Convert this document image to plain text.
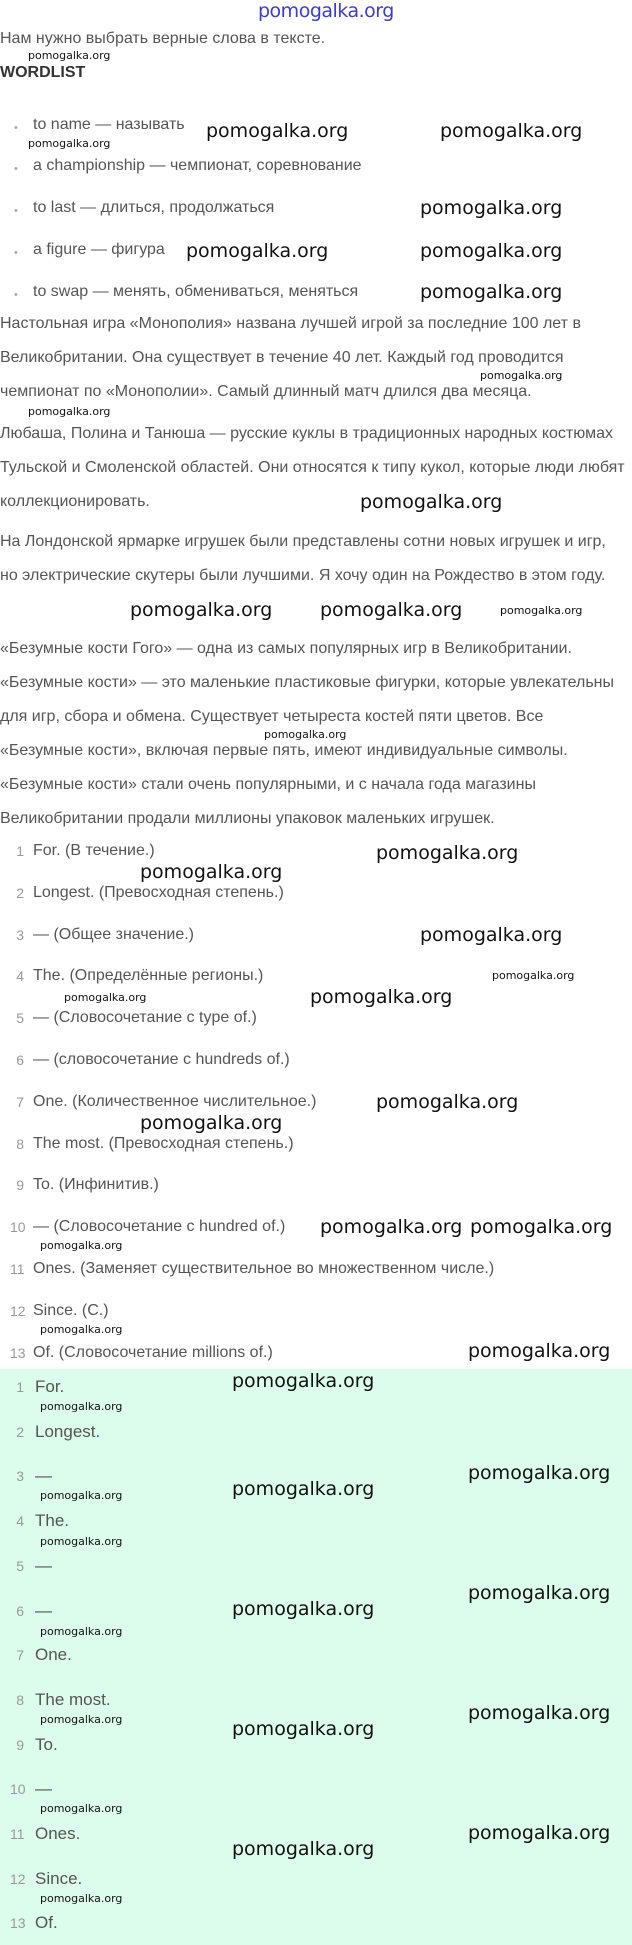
pomogalka.org
Нам нужно выбрать верные слова в тексте.
WORDLIST
• to name — называть
• a championship — чемпионат, соревнование
• to last — длиться, продолжаться
• a figure — фигура
• to swap — менять, обмениваться, меняться
Настольная игра «Монополия» названа лучшей игрой за последние 100 лет в Великобритании. Она существует в течение 40 лет. Каждый год проводится чемпионат по «Монополии». Самый длинный матч длился два месяца.
Любаша, Полина и Танюша — русские куклы в традиционных народных костюмах Тульской и Смоленской областей. Они относятся к типу кукол, которые люди любят коллекционировать.
На Лондонской ярмарке игрушек были представлены сотни новых игрушек и игр, но электрические скутеры были лучшими. Я хочу один на Рождество в этом году.
«Безумные кости Гого» — одна из самых популярных игр в Великобритании. «Безумные кости» — это маленькие пластиковые фигурки, которые увлекательны для игр, сбора и обмена. Существует четыреста костей пяти цветов. Все «Безумные кости», включая первые пять, имеют индивидуальные символы. «Безумные кости» стали очень популярными, и с начала года магазины Великобритании продали миллионы упаковок маленьких игрушек.
1 For. (В течение.)
2 Longest. (Превосходная степень.)
3 — (Общее значение.)
4 The. (Определённые регионы.)
5 — (Словосочетание с type of.)
6 — (словосочетание с hundreds of.)
7 One. (Количественное числительное.)
8 The most. (Превосходная степень.)
9 To. (Инфинитив.)
10 — (Словосочетание с hundred of.)
11 Ones. (Заменяет существительное во множественном числе.)
12 Since. (С.)
13 Of. (Словосочетание millions of.)
1 For.
2 Longest.
3 —
4 The.
5 —
6 —
7 One.
8 The most.
9 To.
10 —
11 Ones.
12 Since.
13 Of.
pomogalka.org
pomogalka.org
pomogalka.org	pomogalka.org
pomogalka.org
pomogalka.org	pomogalka.org
pomogalka.org
pomogalka.org
pomogalka.org
pomogalka.org
pomogalka.org	pomogalka.org	pomogalka.org
pomogalka.org
pomogalka.org
pomogalka.org
pomogalka.org
pomogalka.org
pomogalka.org
pomogalka.org
pomogalka.org
pomogalka.org
pomogalka.org
pomogalka.org pomogalka.org
pomogalka.org
pomogalka.org
pomogalka.org
pomogalka.org
pomogalka.org	pomogalka.org
pomogalka.org
pomogalka.org
pomogalka.org
pomogalka.org
pomogalka.org
pomogalka.org	pomogalka.org
pomogalka.org
pomogalka.org
pomogalka.org
pomogalka.org
pomogalka.org
